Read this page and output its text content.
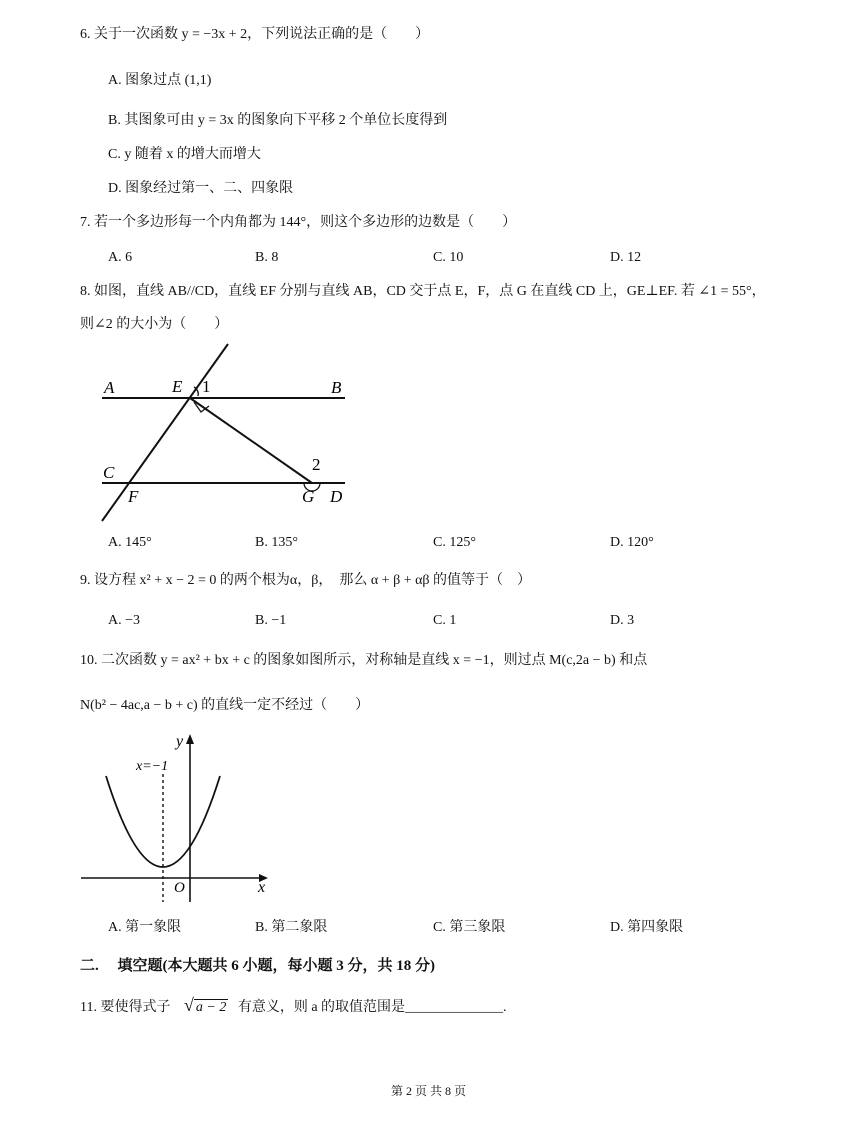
6. 关于一次函数 y = −3x + 2，下列说法正确的是（　　）
A. 图象过点 (1,1)
B. 其图象可由 y = 3x 的图象向下平移 2 个单位长度得到
C. y 随着 x 的增大而增大
D. 图象经过第一、二、四象限
7. 若一个多边形每一个内角都为 144°，则这个多边形的边数是（　　）
A. 6	B. 8	C. 10	D. 12
8. 如图，直线 AB//CD，直线 EF 分别与直线 AB，CD 交于点 E，F，点 G 在直线 CD 上，GE⊥EF. 若 ∠1 = 55°，
则∠2 的大小为（　　）
A	E 1	B
C	2
F	G D
A. 145°	B. 135°	C. 125°	D. 120°
9. 设方程 x² + x − 2 = 0 的两个根为α，β，　那么 α + β + αβ 的值等于（　）
A. −3	B. −1	C. 1	D. 3
10. 二次函数 y = ax² + bx + c 的图象如图所示，对称轴是直线 x = −1，则过点 M(c,2a − b) 和点
N(b² − 4ac,a − b + c) 的直线一定不经过（　　）
x=−1
y
x
O
A. 第一象限	B. 第二象限	C. 第三象限	D. 第四象限
二.　 填空题(本大题共 6 小题，每小题 3 分，共 18 分)
11. 要使得式子 √ a − 2 有意义，则 a 的取值范围是______________.
第 2 页 共 8 页
